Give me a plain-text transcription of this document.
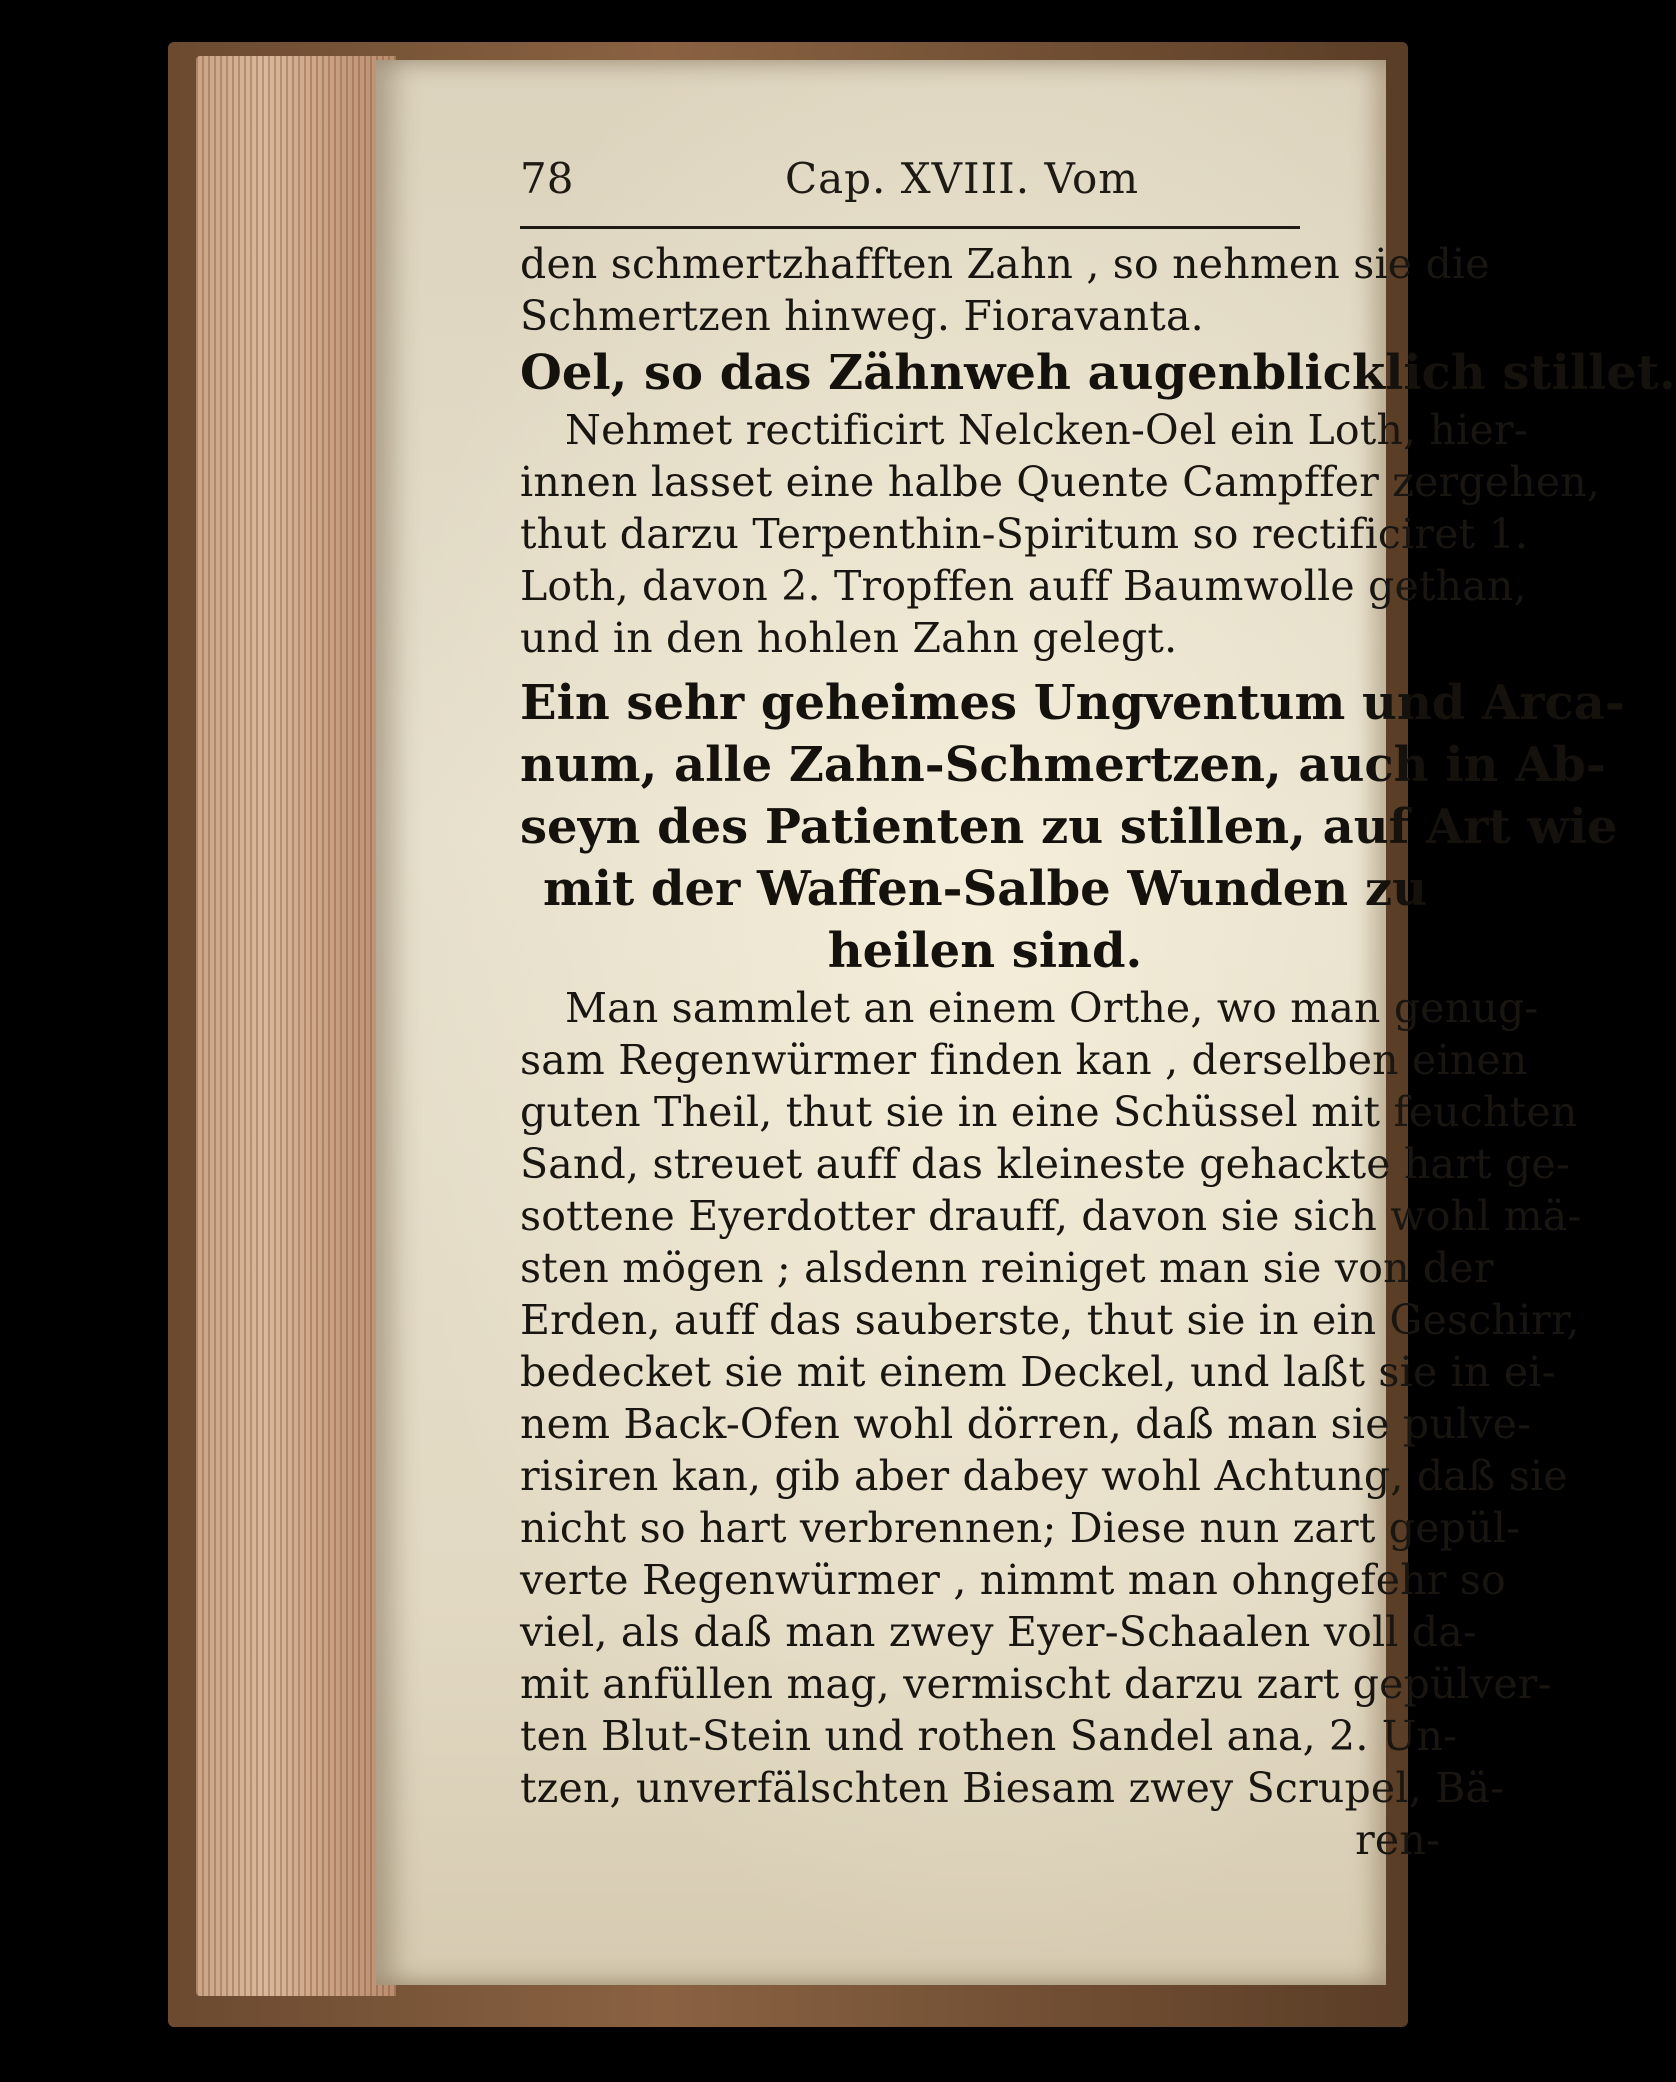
78	Cap. XVIII. Vom
den schmertzhafften Zahn , so nehmen sie die
Schmertzen hinweg. Fioravanta.
Oel, so das Zähnweh augenblicklich stillet.
Nehmet rectificirt Nelcken-Oel ein Loth, hier-
innen lasset eine halbe Quente Campffer zergehen,
thut darzu Terpenthin-Spiritum so rectificiret 1.
Loth, davon 2. Tropffen auff Baumwolle gethan,
und in den hohlen Zahn gelegt.
Ein sehr geheimes Ungventum und Arca-
num, alle Zahn-Schmertzen, auch in Ab-
seyn des Patienten zu stillen, auf Art wie
mit der Waffen-Salbe Wunden zu
heilen sind.
Man sammlet an einem Orthe, wo man genug-
sam Regenwürmer finden kan , derselben einen
guten Theil, thut sie in eine Schüssel mit feuchten
Sand, streuet auff das kleineste gehackte hart ge-
sottene Eyerdotter drauff, davon sie sich wohl mä-
sten mögen ; alsdenn reiniget man sie von der
Erden, auff das sauberste, thut sie in ein Geschirr,
bedecket sie mit einem Deckel, und laßt sie in ei-
nem Back-Ofen wohl dörren, daß man sie pulve-
risiren kan, gib aber dabey wohl Achtung, daß sie
nicht so hart verbrennen; Diese nun zart gepül-
verte Regenwürmer , nimmt man ohngefehr so
viel, als daß man zwey Eyer-Schaalen voll da-
mit anfüllen mag, vermischt darzu zart gepülver-
ten Blut-Stein und rothen Sandel ana, 2. Un-
tzen, unverfälschten Biesam zwey Scrupel, Bä-
ren-
